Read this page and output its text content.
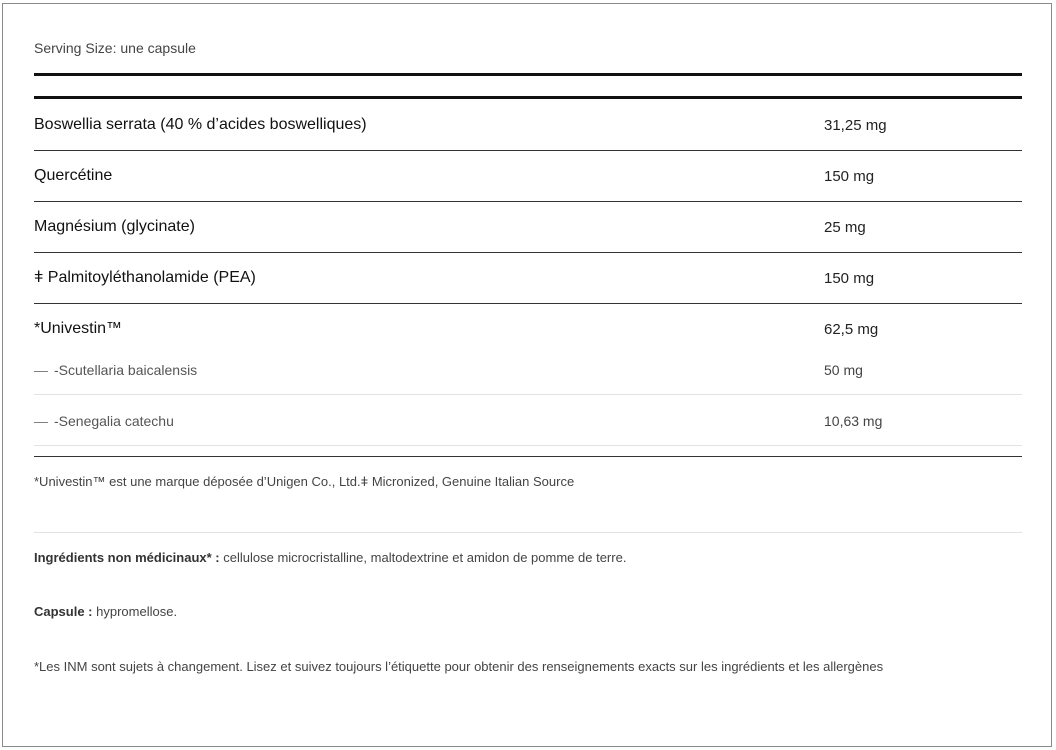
Serving Size: une capsule
Boswellia serrata (40 % d’acides boswelliques)	31,25 mg
Quercétine	150 mg
Magnésium (glycinate)	25 mg
ǂ Palmitoyléthanolamide (PEA)	150 mg
*Univestin™	62,5 mg
— -Scutellaria baicalensis	50 mg
— -Senegalia catechu	10,63 mg
*Univestin™ est une marque déposée d’Unigen Co., Ltd.ǂ Micronized, Genuine Italian Source
Ingrédients non médicinaux* : cellulose microcristalline, maltodextrine et amidon de pomme de terre.
Capsule : hypromellose.
*Les INM sont sujets à changement. Lisez et suivez toujours l’étiquette pour obtenir des renseignements exacts sur les ingrédients et les allergènes
